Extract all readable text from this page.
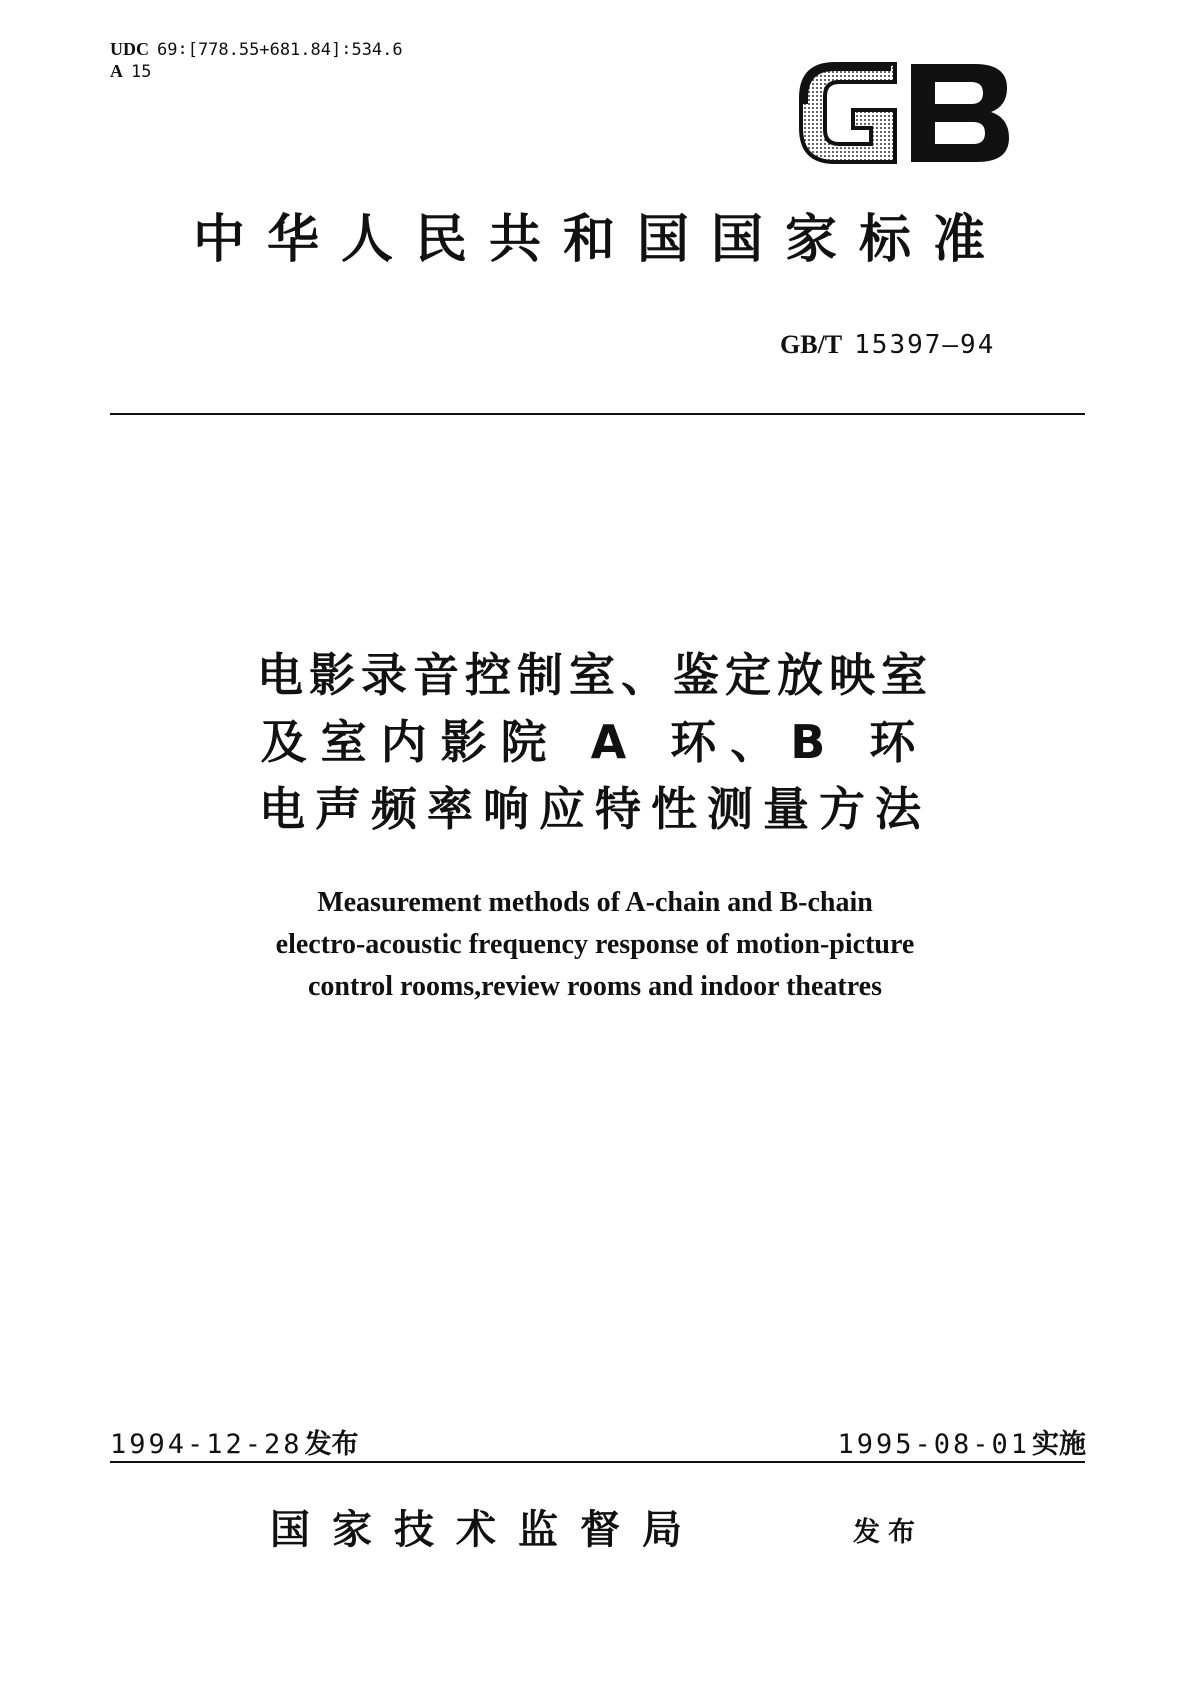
UDC 69∶[778.55+681.84]∶534.6
A 15
中华人民共和国国家标准
GB/T 15397—94
电影录音控制室、鉴定放映室
及室内影院 A 环、B 环
电声频率响应特性测量方法
Measurement methods of A-chain and B-chain
electro-acoustic frequency response of motion-picture
control rooms,review rooms and indoor theatres
1994-12-28发布	1995-08-01实施
国家技术监督局	发布
